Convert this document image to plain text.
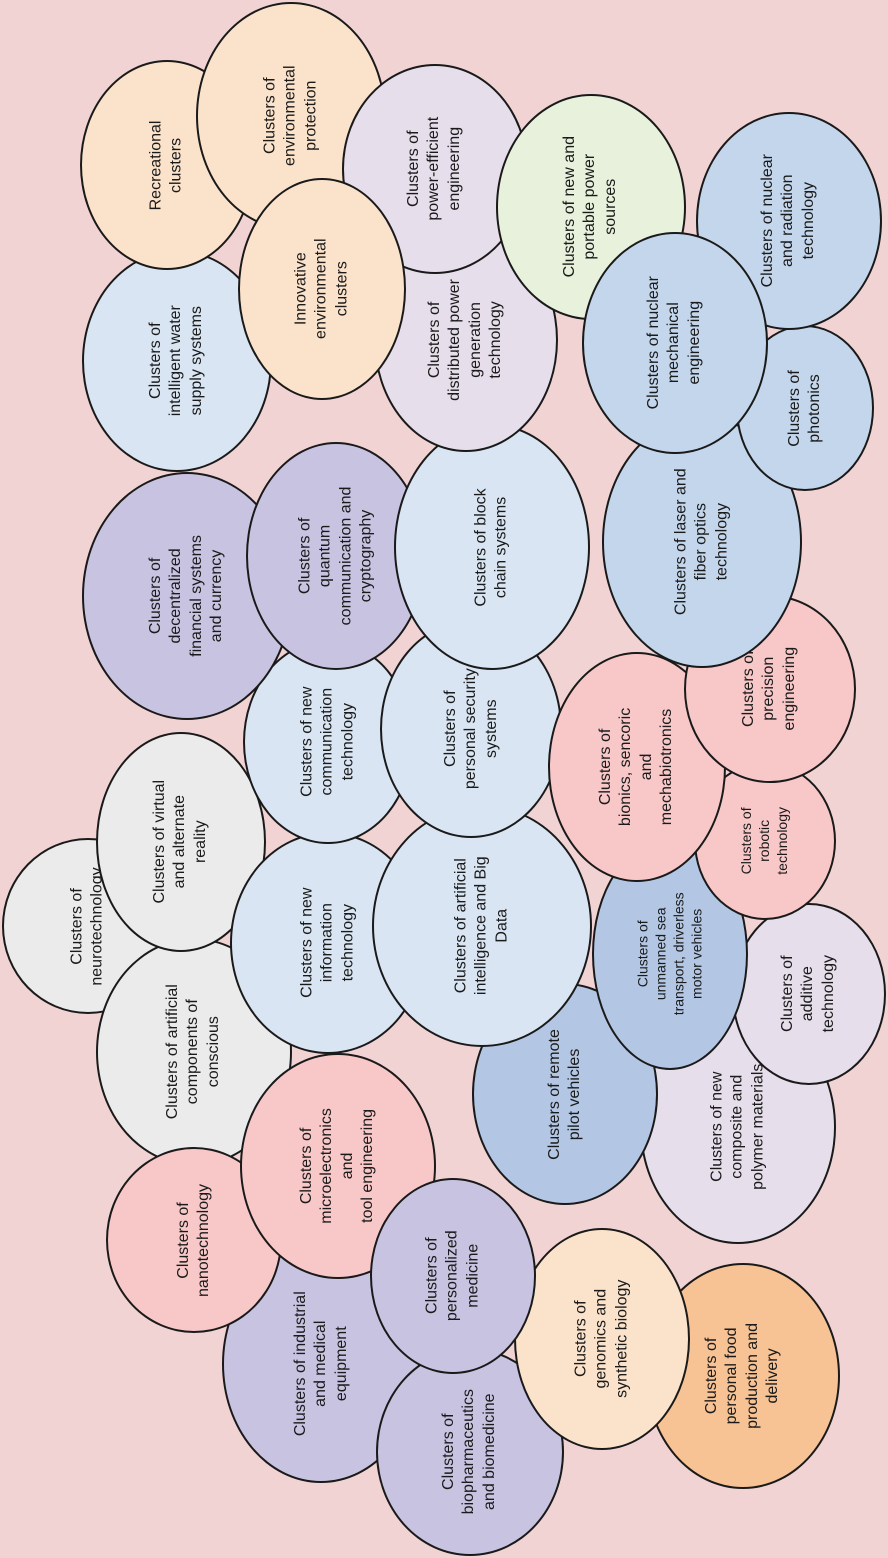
Clusters of
neurotechnology
Clusters of artificial
components of
conscious
Clusters of industrial
and medical
equipment
Clusters of
biopharmaceutics
and biomedicine
Clusters of
personal food
production and
delivery
Clusters of
genomics and
synthetic biology
Clusters of
nanotechnology
Clusters of
microelectronics
and
tool engineering
Clusters of
personalized
medicine
Clusters of new
composite and
polymer materials
Clusters of
additive
technology
Clusters of remote
pilot vehicles
Clusters of
unmanned sea
transport, driverless
motor vehicles
Clusters of
robotic
technology
Clusters of virtual
and alternate
reality
Clusters of new
information
technology	Clusters of artificial
intelligence and Big
Data
Clusters of new
communication
technology	Clusters of
personal security
systems
Clusters of
bionics, sencoric
and
mechabiotronics
Clusters of
precision
engineering
Clusters of
decentralized
financial systems
and currency	Clusters of
quantum
communication and
cryptography	Clusters of block
chain systems
Clusters of laser and
fiber optics
technology
Clusters of
photonics
Clusters of
intelligent water
supply systems
Recreational
clusters
Clusters of
environmental
protection
Clusters of
distributed power
generation
technology
Clusters of
power-efficient
engineering
Innovative
environmental
clusters
Clusters of new and
portable power
sources
Clusters of nuclear
and radiation
technology
Clusters of nuclear
mechanical
engineering
